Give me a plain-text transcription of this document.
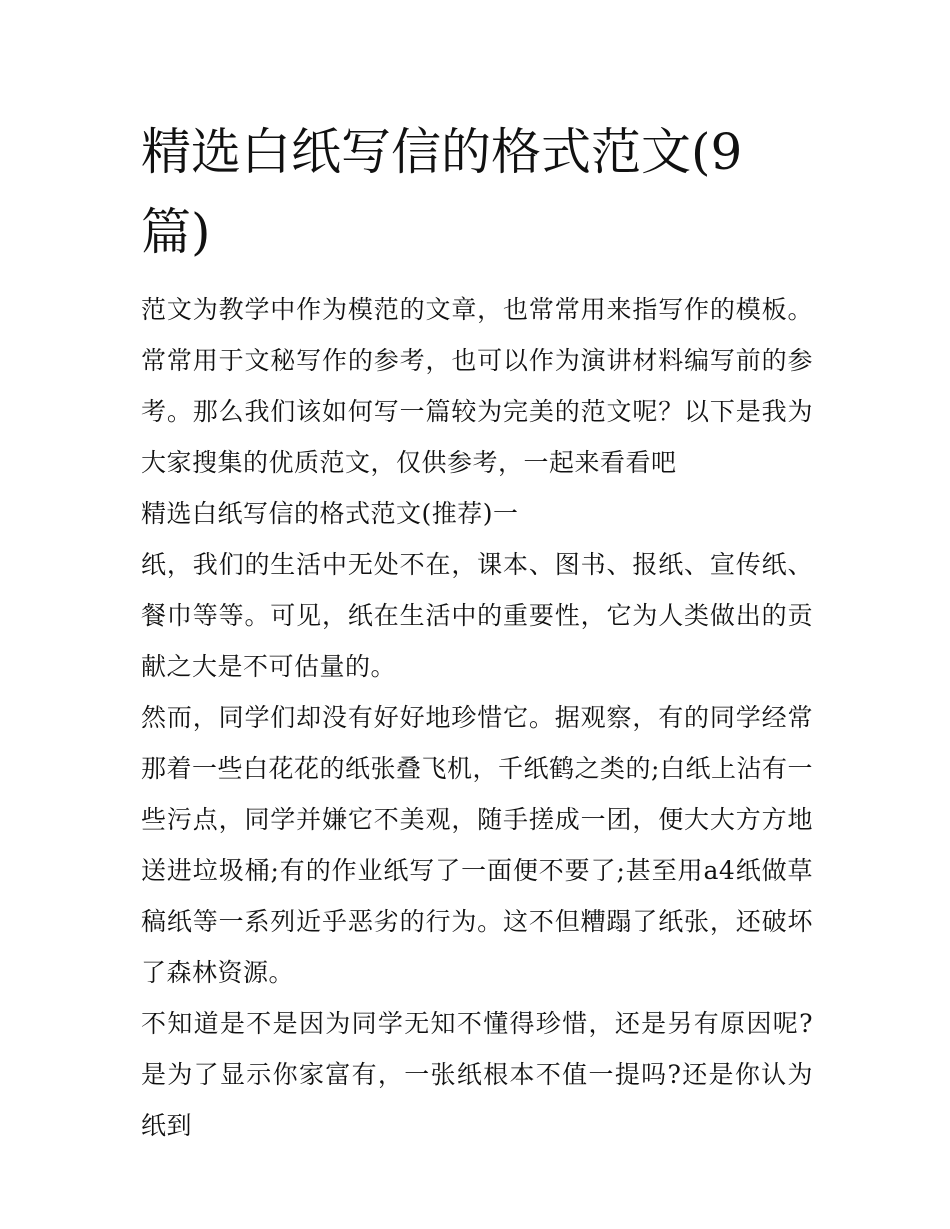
精选白纸写信的格式范文(9篇)

范文为教学中作为模范的文章，也常常用来指写作的模板。常常用于文秘写作的参考，也可以作为演讲材料编写前的参考。那么我们该如何写一篇较为完美的范文呢？以下是我为大家搜集的优质范文，仅供参考，一起来看看吧

精选白纸写信的格式范文(推荐)一

纸，我们的生活中无处不在，课本、图书、报纸、宣传纸、餐巾等等。可见，纸在生活中的重要性，它为人类做出的贡献之大是不可估量的。

然而，同学们却没有好好地珍惜它。据观察，有的同学经常那着一些白花花的纸张叠飞机，千纸鹤之类的;白纸上沾有一些污点，同学并嫌它不美观，随手搓成一团，便大大方方地送进垃圾桶;有的作业纸写了一面便不要了;甚至用a4纸做草稿纸等一系列近乎恶劣的行为。这不但糟蹋了纸张，还破坏了森林资源。

不知道是不是因为同学无知不懂得珍惜，还是另有原因呢?是为了显示你家富有，一张纸根本不值一提吗?还是你认为纸到
